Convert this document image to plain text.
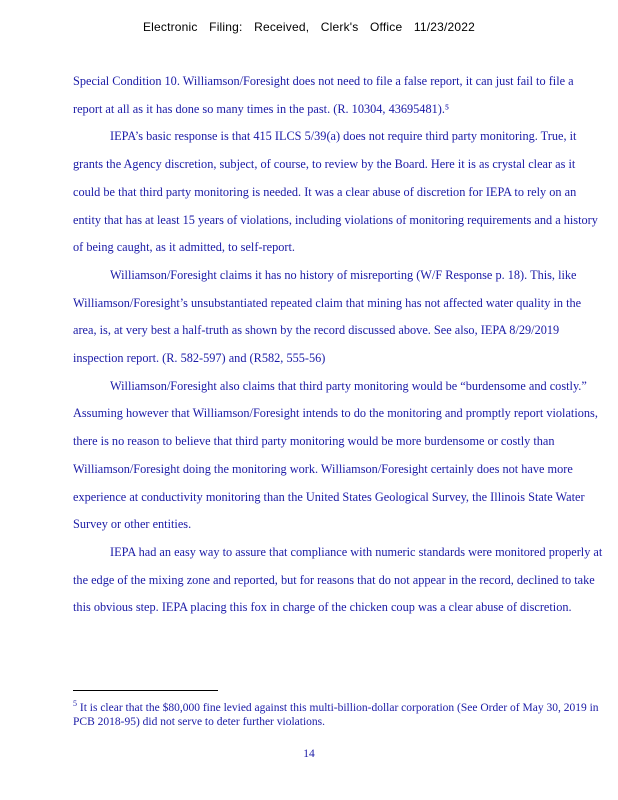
Electronic Filing: Received, Clerk's Office 11/23/2022

Special Condition 10. Williamson/Foresight does not need to file a false report, it can just fail to file a report at all as it has done so many times in the past. (R. 10304, 43695481).⁵

IEPA’s basic response is that 415 ILCS 5/39(a) does not require third party monitoring. True, it grants the Agency discretion, subject, of course, to review by the Board. Here it is as crystal clear as it could be that third party monitoring is needed. It was a clear abuse of discretion for IEPA to rely on an entity that has at least 15 years of violations, including violations of monitoring requirements and a history of being caught, as it admitted, to self-report.

Williamson/Foresight claims it has no history of misreporting (W/F Response p. 18). This, like Williamson/Foresight’s unsubstantiated repeated claim that mining has not affected water quality in the area, is, at very best a half-truth as shown by the record discussed above. See also, IEPA 8/29/2019 inspection report. (R. 582-597) and (R582, 555-56)

Williamson/Foresight also claims that third party monitoring would be “burdensome and costly.” Assuming however that Williamson/Foresight intends to do the monitoring and promptly report violations, there is no reason to believe that third party monitoring would be more burdensome or costly than Williamson/Foresight doing the monitoring work. Williamson/Foresight certainly does not have more experience at conductivity monitoring than the United States Geological Survey, the Illinois State Water Survey or other entities.

IEPA had an easy way to assure that compliance with numeric standards were monitored properly at the edge of the mixing zone and reported, but for reasons that do not appear in the record, declined to take this obvious step. IEPA placing this fox in charge of the chicken coup was a clear abuse of discretion.

$^5$ It is clear that the $80,000 fine levied against this multi-billion-dollar corporation (See Order of May 30, 2019 in PCB 2018-95) did not serve to deter further violations.
14
